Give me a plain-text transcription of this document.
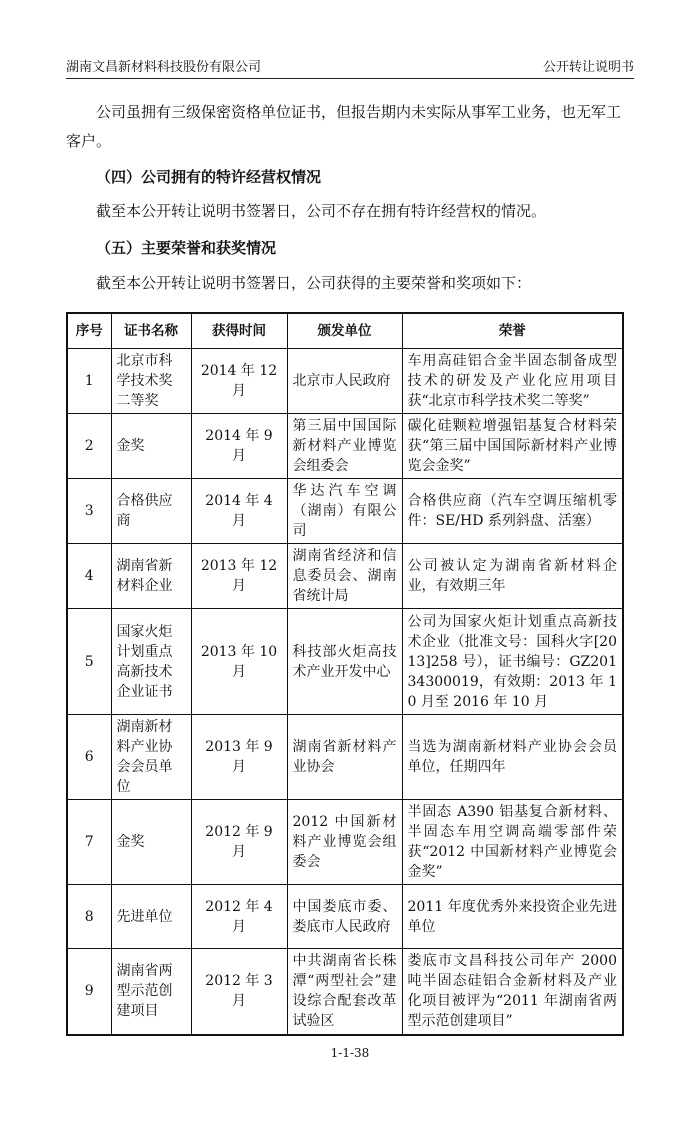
湖南文昌新材料科技股份有限公司	公开转让说明书

公司虽拥有三级保密资格单位证书，但报告期内未实际从事军工业务，也无军工客户。

（四）公司拥有的特许经营权情况

截至本公开转让说明书签署日，公司不存在拥有特许经营权的情况。

（五）主要荣誉和获奖情况

截至本公开转让说明书签署日，公司获得的主要荣誉和奖项如下：

序号	证书名称	获得时间	颁发单位	荣誉
1	北京市科学技术奖二等奖	2014 年 12 月	北京市人民政府	车用高硅铝合金半固态制备成型技术的研发及产业化应用项目获“北京市科学技术奖二等奖”
2	金奖	2014 年 9 月	第三届中国国际新材料产业博览会组委会	碳化硅颗粒增强铝基复合材料荣获“第三届中国国际新材料产业博览会金奖”
3	合格供应商	2014 年 4 月	华达汽车空调（湖南）有限公司	合格供应商（汽车空调压缩机零件：SE/HD 系列斜盘、活塞）
4	湖南省新材料企业	2013 年 12 月	湖南省经济和信息委员会、湖南省统计局	公司被认定为湖南省新材料企业，有效期三年
5	国家火炬计划重点高新技术企业证书	2013 年 10 月	科技部火炬高技术产业开发中心	公司为国家火炬计划重点高新技术企业（批准文号：国科火字[2013]258 号），证书编号：GZ20134300019，有效期：2013 年 10 月至 2016 年 10 月
6	湖南新材料产业协会会员单位	2013 年 9 月	湖南省新材料产业协会	当选为湖南新材料产业协会会员单位，任期四年
7	金奖	2012 年 9 月	2012 中国新材料产业博览会组委会	半固态 A390 铝基复合新材料、半固态车用空调高端零部件荣获“2012 中国新材料产业博览会金奖”
8	先进单位	2012 年 4 月	中国娄底市委、娄底市人民政府	2011 年度优秀外来投资企业先进单位
9	湖南省两型示范创建项目	2012 年 3 月	中共湖南省长株潭“两型社会”建设综合配套改革试验区	娄底市文昌科技公司年产 2000 吨半固态硅铝合金新材料及产业化项目被评为“2011 年湖南省两型示范创建项目”
1-1-38
